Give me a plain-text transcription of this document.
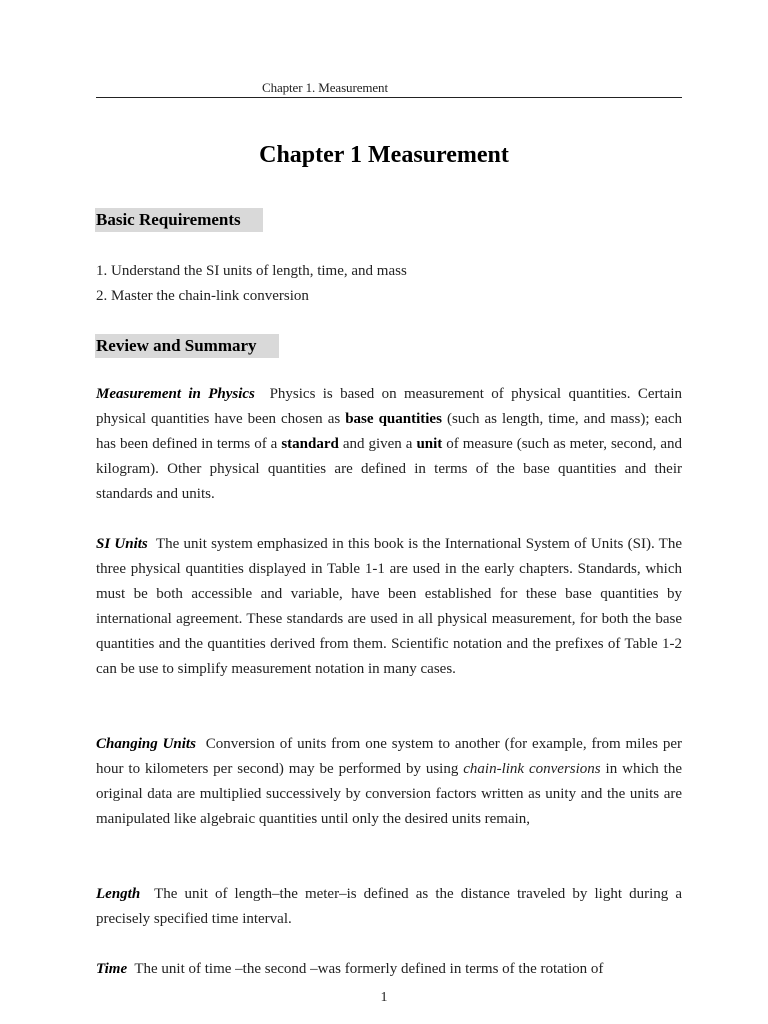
Chapter 1. Measurement
Chapter 1 Measurement
Basic Requirements
1. Understand the SI units of length, time, and mass
2. Master the chain-link conversion
Review and Summary
Measurement in Physics Physics is based on measurement of physical quantities. Certain physical quantities have been chosen as base quantities (such as length, time, and mass); each has been defined in terms of a standard and given a unit of measure (such as meter, second, and kilogram). Other physical quantities are defined in terms of the base quantities and their standards and units.
SI Units The unit system emphasized in this book is the International System of Units (SI). The three physical quantities displayed in Table 1-1 are used in the early chapters. Standards, which must be both accessible and variable, have been established for these base quantities by international agreement. These standards are used in all physical measurement, for both the base quantities and the quantities derived from them. Scientific notation and the prefixes of Table 1-2 can be use to simplify measurement notation in many cases.
Changing Units Conversion of units from one system to another (for example, from miles per hour to kilometers per second) may be performed by using chain-link conversions in which the original data are multiplied successively by conversion factors written as unity and the units are manipulated like algebraic quantities until only the desired units remain,
Length The unit of length–the meter–is defined as the distance traveled by light during a precisely specified time interval.
Time The unit of time –the second –was formerly defined in terms of the rotation of
1
